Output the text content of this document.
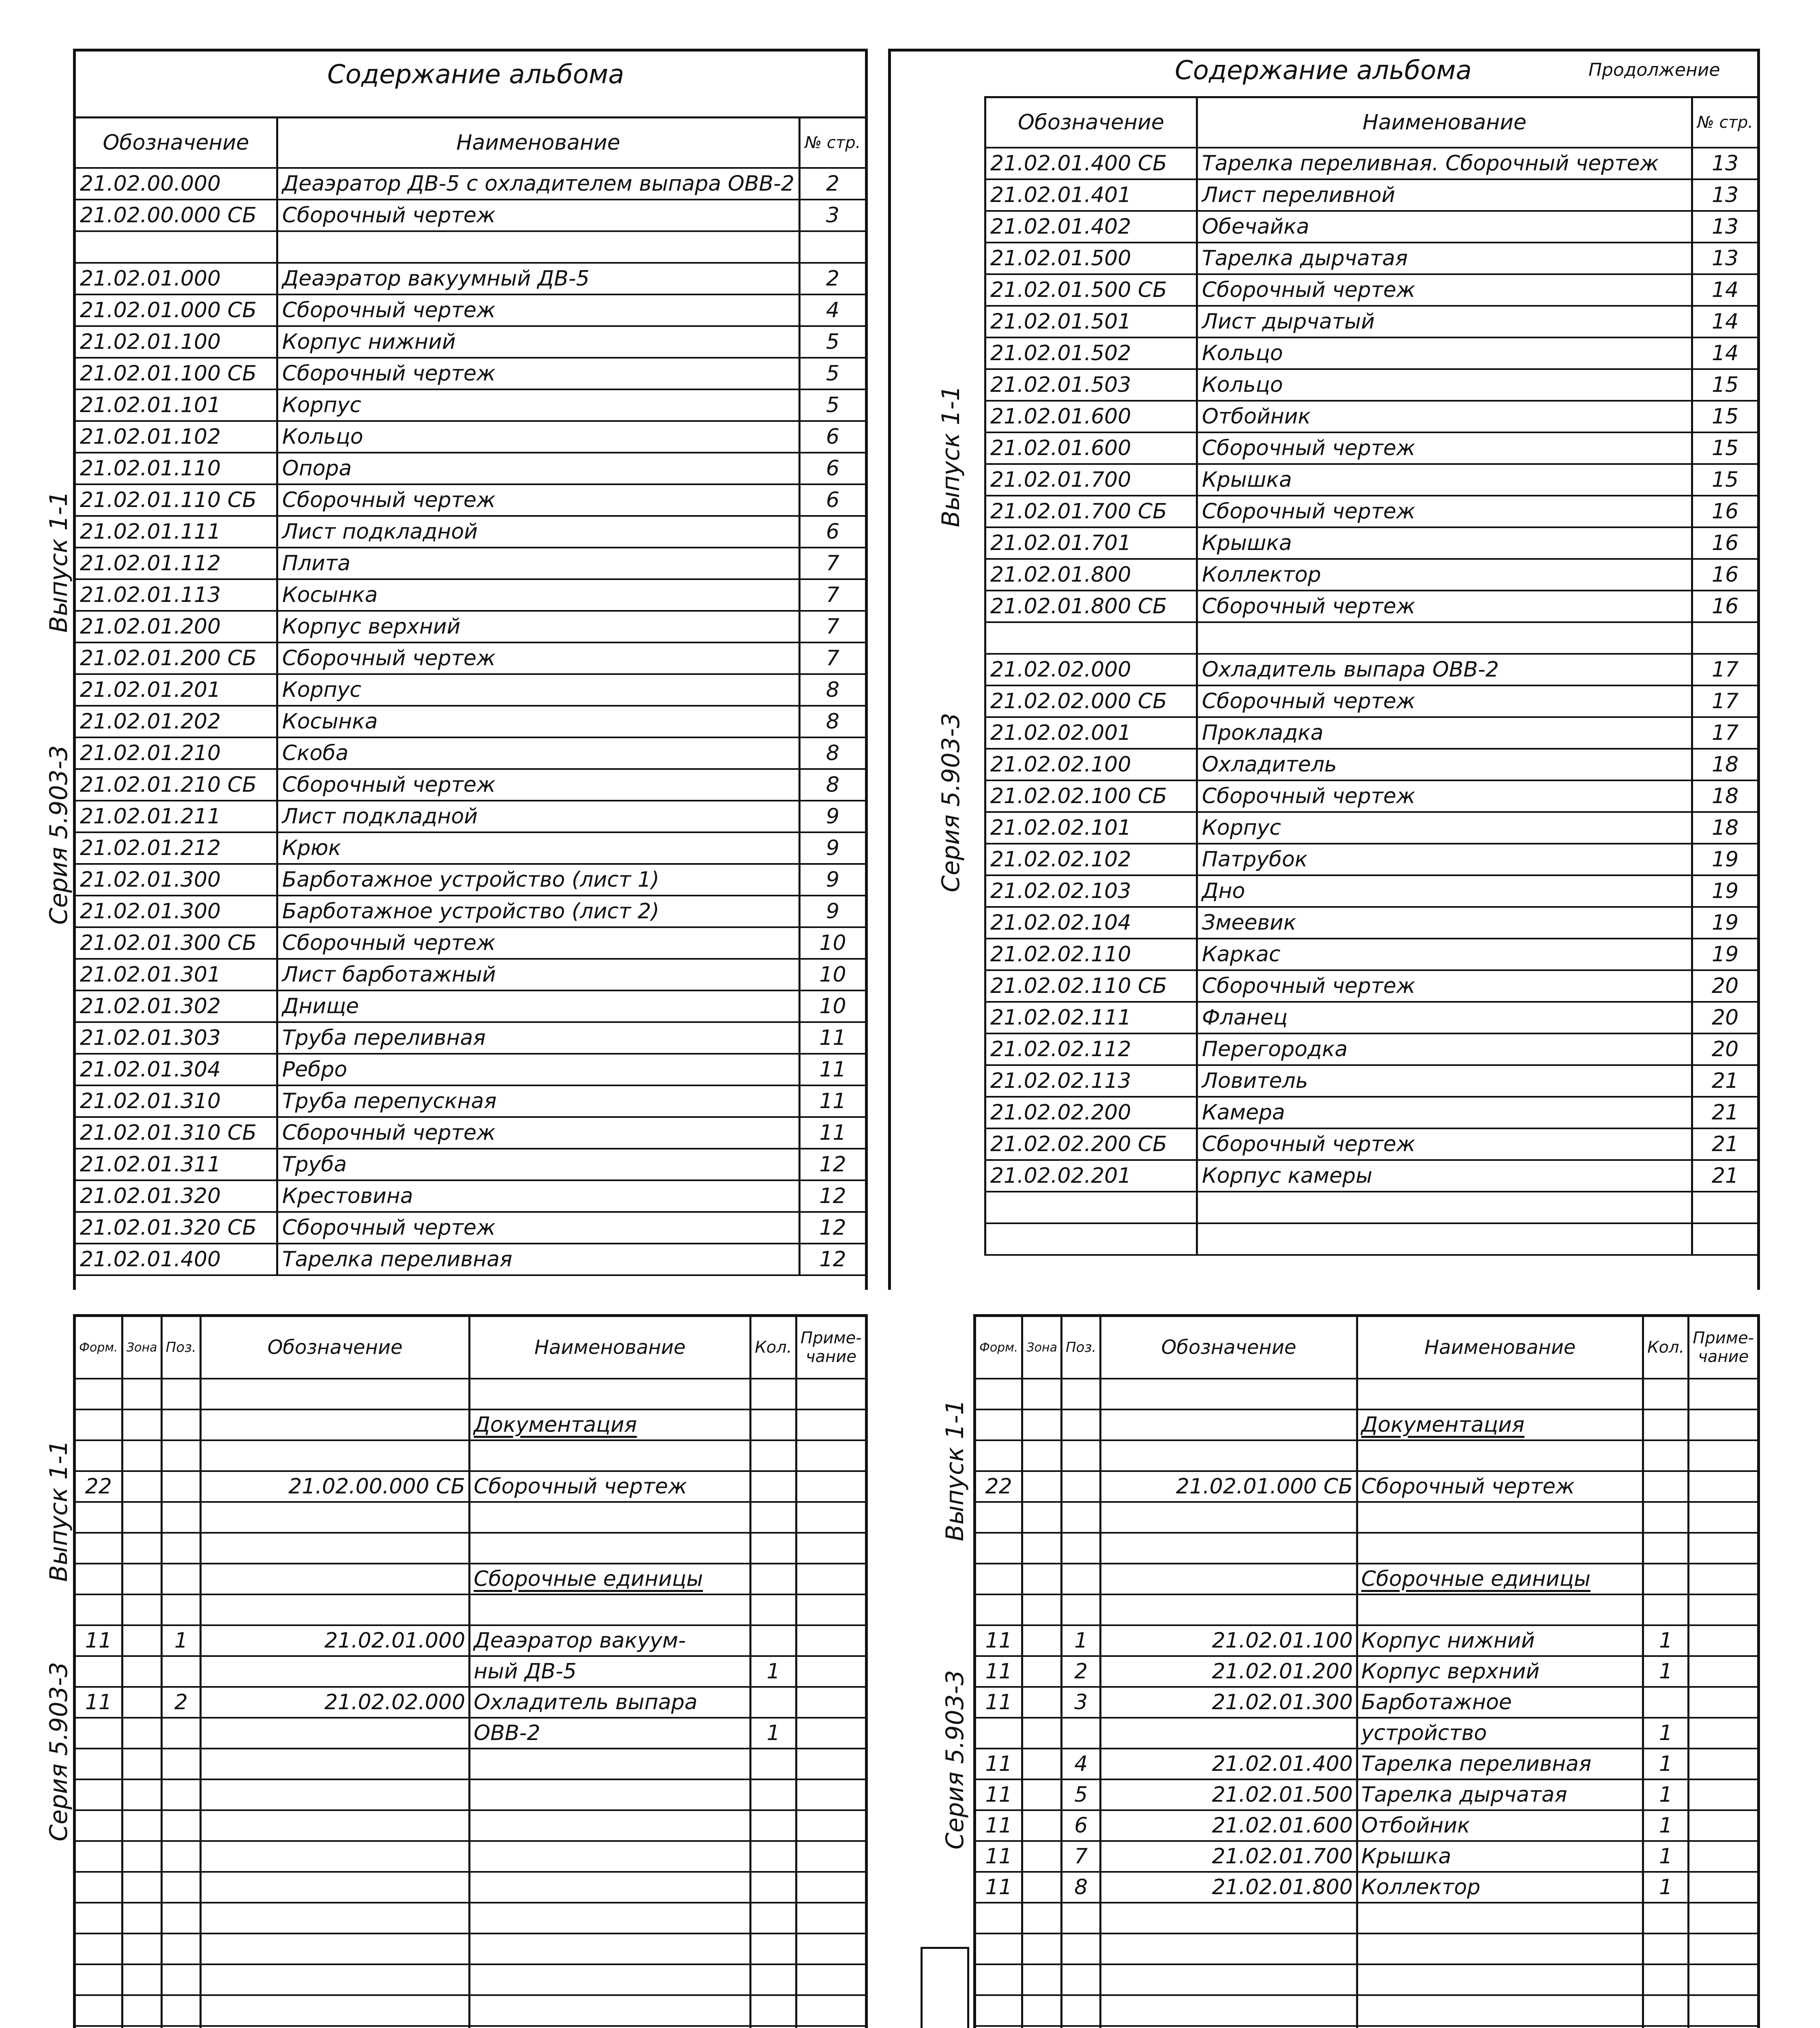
Содержание альбома
Обозначение	Наименование	№ стр.
21.02.00.000	Деаэратор ДВ-5 с охладителем выпара ОВВ-2	2
21.02.00.000 СБ	Сборочный чертеж	3

21.02.01.000	Деаэратор вакуумный ДВ-5	2
21.02.01.000 СБ	Сборочный чертеж	4
21.02.01.100	Корпус нижний	5
21.02.01.100 СБ	Сборочный чертеж	5
21.02.01.101	Корпус	5
21.02.01.102	Кольцо	6
21.02.01.110	Опора	6
21.02.01.110 СБ	Сборочный чертеж	6
21.02.01.111	Лист подкладной	6
21.02.01.112	Плита	7
21.02.01.113	Косынка	7
21.02.01.200	Корпус верхний	7
21.02.01.200 СБ	Сборочный чертеж	7
21.02.01.201	Корпус	8
21.02.01.202	Косынка	8
21.02.01.210	Скоба	8
21.02.01.210 СБ	Сборочный чертеж	8
21.02.01.211	Лист подкладной	9
21.02.01.212	Крюк	9
21.02.01.300	Барботажное устройство (лист 1)	9
21.02.01.300	Барботажное устройство (лист 2)	9
21.02.01.300 СБ	Сборочный чертеж	10
21.02.01.301	Лист барботажный	10
21.02.01.302	Днище	10
21.02.01.303	Труба переливная	11
21.02.01.304	Ребро	11
21.02.01.310	Труба перепускная	11
21.02.01.310 СБ	Сборочный чертеж	11
21.02.01.311	Труба	12
21.02.01.320	Крестовина	12
21.02.01.320 СБ	Сборочный чертеж	12
21.02.01.400	Тарелка переливная	12
Содержание альбома	Продолжение
Обозначение	Наименование	№ стр.
21.02.01.400 СБ	Тарелка переливная. Сборочный чертеж	13
21.02.01.401	Лист переливной	13
21.02.01.402	Обечайка	13
21.02.01.500	Тарелка дырчатая	13
21.02.01.500 СБ	Сборочный чертеж	14
21.02.01.501	Лист дырчатый	14
21.02.01.502	Кольцо	14
21.02.01.503	Кольцо	15
21.02.01.600	Отбойник	15
21.02.01.600	Сборочный чертеж	15
21.02.01.700	Крышка	15
21.02.01.700 СБ	Сборочный чертеж	16
21.02.01.701	Крышка	16
21.02.01.800	Коллектор	16
21.02.01.800 СБ	Сборочный чертеж	16

21.02.02.000	Охладитель выпара ОВВ-2	17
21.02.02.000 СБ	Сборочный чертеж	17
21.02.02.001	Прокладка	17
21.02.02.100	Охладитель	18
21.02.02.100 СБ	Сборочный чертеж	18
21.02.02.101	Корпус	18
21.02.02.102	Патрубок	19
21.02.02.103	Дно	19
21.02.02.104	Змеевик	19
21.02.02.110	Каркас	19
21.02.02.110 СБ	Сборочный чертеж	20
21.02.02.111	Фланец	20
21.02.02.112	Перегородка	20
21.02.02.113	Ловитель	21
21.02.02.200	Камера	21
21.02.02.200 СБ	Сборочный чертеж	21
21.02.02.201	Корпус камеры	21

Выпуск 1-1
Серия 5.903-3
Выпуск 1-1
Серия 5.903-3
Форм.	Зона	Поз.	Обозначение	Наименование	Кол.	Приме- чание

				Документация		

22			21.02.00.000 СБ	Сборочный чертеж		

				Сборочные единицы		

11		1	21.02.01.000	Деаэратор вакуум-		
				ный ДВ-5	1	
11		2	21.02.02.000	Охладитель выпара		
				ОВВ-2	1	

Форм.	Зона	Поз.	Обозначение	Наименование	Кол.	Приме- чание

				Документация		

22			21.02.01.000 СБ	Сборочный чертеж		

				Сборочные единицы		

11		1	21.02.01.100	Корпус нижний	1	
11		2	21.02.01.200	Корпус верхний	1	
11		3	21.02.01.300	Барботажное		
				устройство	1	
11		4	21.02.01.400	Тарелка переливная	1	
11		5	21.02.01.500	Тарелка дырчатая	1	
11		6	21.02.01.600	Отбойник	1	
11		7	21.02.01.700	Крышка	1	
11		8	21.02.01.800	Коллектор	1	

Выпуск 1-1
Серия 5.903-3
Выпуск 1-1
Серия 5.903-3
